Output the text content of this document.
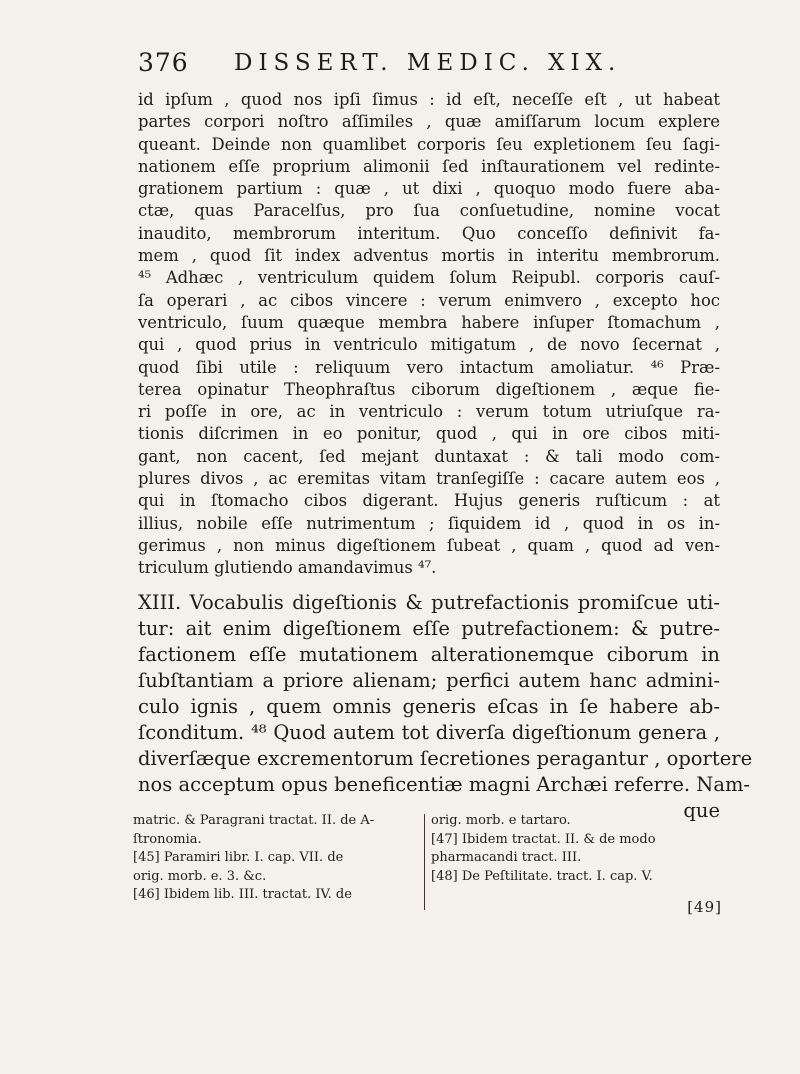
376 DISSERT. MEDIC. XIX.
id ipſum , quod nos ipſi ſimus : id eſt, neceſſe eſt , ut habeat
partes corpori noſtro aſſimiles , quæ amiſſarum locum explere
queant. Deinde non quamlibet corporis ſeu expletionem ſeu ſagi-
nationem eſſe proprium alimonii ſed inſtaurationem vel redinte-
grationem partium : quæ , ut dixi , quoquo modo fuere aba-
ctæ, quas Paracelſus, pro ſua conſuetudine, nomine vocat
inaudito, membrorum interitum. Quo conceſſo definivit fa-
mem , quod ſit index adventus mortis in interitu membrorum.
⁴⁵ Adhæc , ventriculum quidem ſolum Reipubl. corporis cauſ-
ſa operari , ac cibos vincere : verum enimvero , excepto hoc
ventriculo, ſuum quæque membra habere inſuper ſtomachum ,
qui , quod prius in ventriculo mitigatum , de novo ſecernat ,
quod ſibi utile : reliquum vero intactum amoliatur. ⁴⁶ Præ-
terea opinatur Theophraſtus ciborum digeſtionem , æque fie-
ri poſſe in ore, ac in ventriculo : verum totum utriuſque ra-
tionis diſcrimen in eo ponitur, quod , qui in ore cibos miti-
gant, non cacent, ſed mejant duntaxat : & tali modo com-
plures divos , ac eremitas vitam tranſegiſſe : cacare autem eos ,
qui in ſtomacho cibos digerant. Hujus generis ruſticum : at
illius, nobile eſſe nutrimentum ; ſiquidem id , quod in os in-
gerimus , non minus digeſtionem ſubeat , quam , quod ad ven-
triculum glutiendo amandavimus ⁴⁷.
XIII. Vocabulis digeſtionis & putrefactionis promiſcue uti-
tur: ait enim digeſtionem eſſe putrefactionem: & putre-
factionem eſſe mutationem alterationemque ciborum in
ſubſtantiam a priore alienam; perfici autem hanc admini-
culo ignis , quem omnis generis eſcas in ſe habere ab-
ſconditum. ⁴⁸ Quod autem tot diverſa digeſtionum genera ,
diverſæque excrementorum ſecretiones peragantur , oportere
nos acceptum opus beneficentiæ magni Archæi referre. Nam-
que
matric. & Paragrani tractat. II. de A-
ſtronomia.
[45] Paramiri libr. I. cap. VII. de
orig. morb. e. 3. &c.
[46] Ibidem lib. III. tractat. IV. de
orig. morb. e tartaro.
[47] Ibidem tractat. II. & de modo
pharmacandi tract. III.
[48] De Peſtilitate. tract. I. cap. V.
[49]
